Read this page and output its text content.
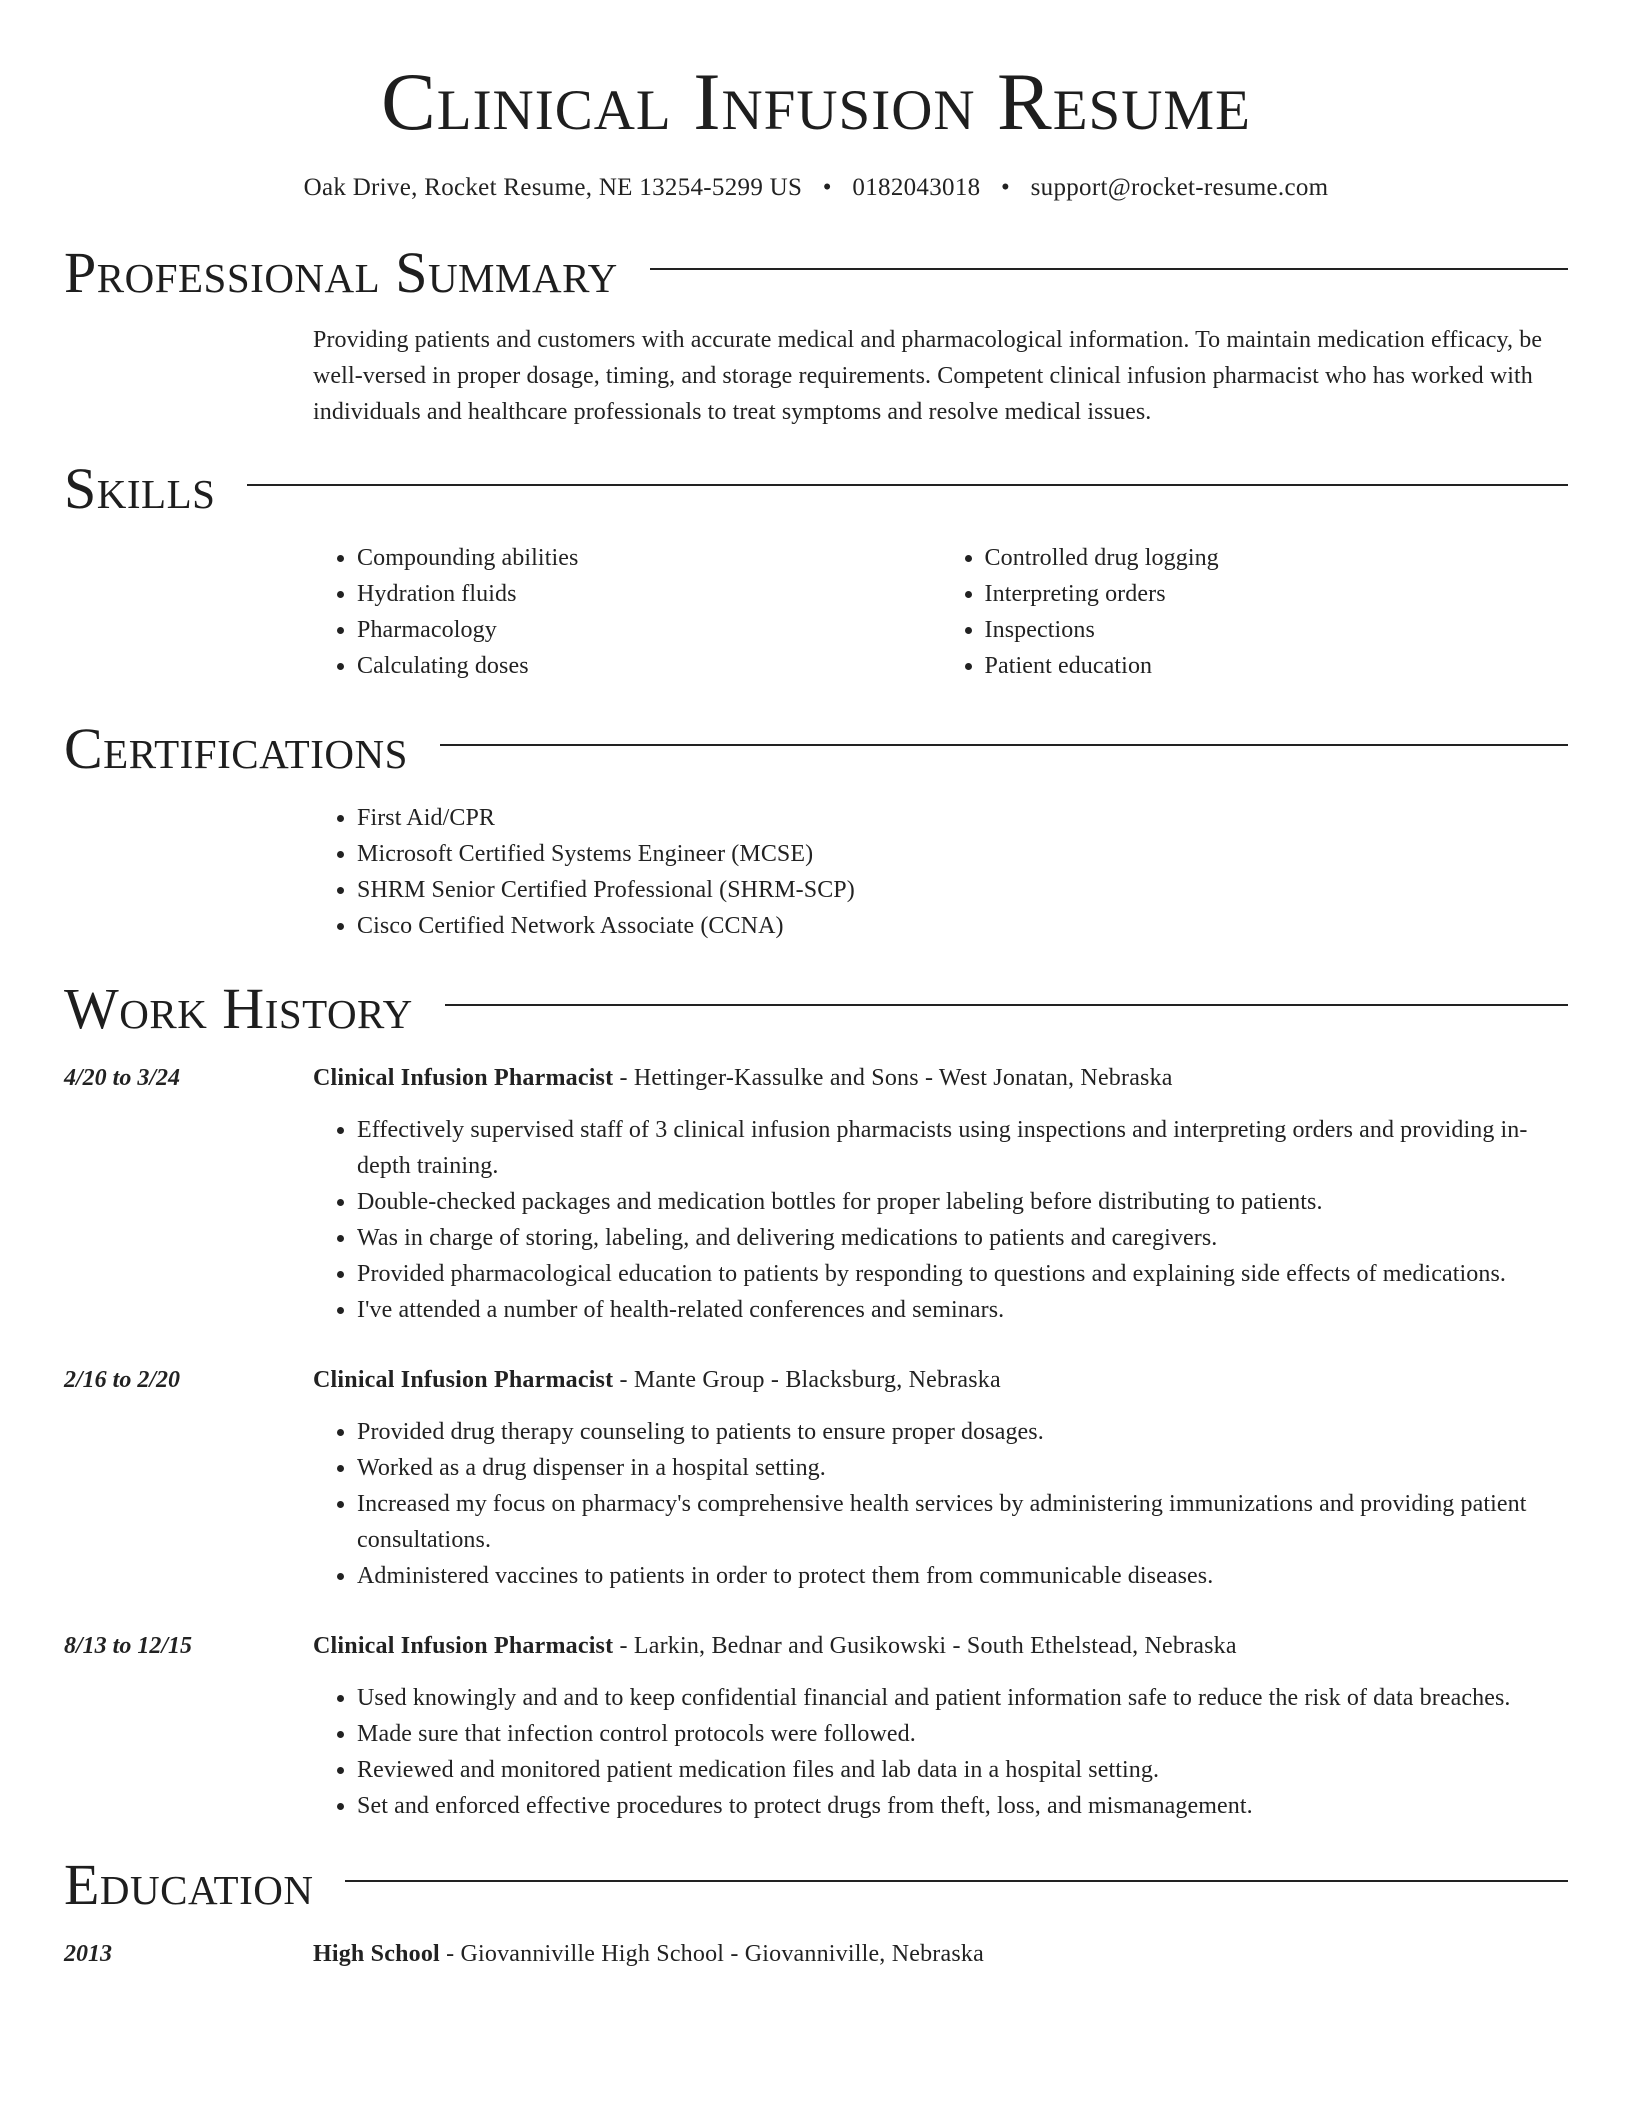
Clinical Infusion Resume
Oak Drive, Rocket Resume, NE 13254-5299 US • 0182043018 • support@rocket-resume.com
Professional Summary

Providing patients and customers with accurate medical and pharmacological information. To maintain medication efficacy, be well-versed in proper dosage, timing, and storage requirements. Competent clinical infusion pharmacist who has worked with individuals and healthcare professionals to treat symptoms and resolve medical issues.

Skills
• Compounding abilities
• Hydration fluids
• Pharmacology
• Calculating doses
• Controlled drug logging
• Interpreting orders
• Inspections
• Patient education
Certifications
• First Aid/CPR
• Microsoft Certified Systems Engineer (MCSE)
• SHRM Senior Certified Professional (SHRM-SCP)
• Cisco Certified Network Associate (CCNA)
Work History
4/20 to 3/24	Clinical Infusion Pharmacist - Hettinger-Kassulke and Sons - West Jonatan, Nebraska
• Effectively supervised staff of 3 clinical infusion pharmacists using inspections and interpreting orders and providing in-depth training.
• Double-checked packages and medication bottles for proper labeling before distributing to patients.
• Was in charge of storing, labeling, and delivering medications to patients and caregivers.
• Provided pharmacological education to patients by responding to questions and explaining side effects of medications.
• I've attended a number of health-related conferences and seminars.
2/16 to 2/20	Clinical Infusion Pharmacist - Mante Group - Blacksburg, Nebraska
• Provided drug therapy counseling to patients to ensure proper dosages.
• Worked as a drug dispenser in a hospital setting.
• Increased my focus on pharmacy's comprehensive health services by administering immunizations and providing patient consultations.
• Administered vaccines to patients in order to protect them from communicable diseases.
8/13 to 12/15	Clinical Infusion Pharmacist - Larkin, Bednar and Gusikowski - South Ethelstead, Nebraska
• Used knowingly and and to keep confidential financial and patient information safe to reduce the risk of data breaches.
• Made sure that infection control protocols were followed.
• Reviewed and monitored patient medication files and lab data in a hospital setting.
• Set and enforced effective procedures to protect drugs from theft, loss, and mismanagement.
Education
2013	High School - Giovanniville High School - Giovanniville, Nebraska
